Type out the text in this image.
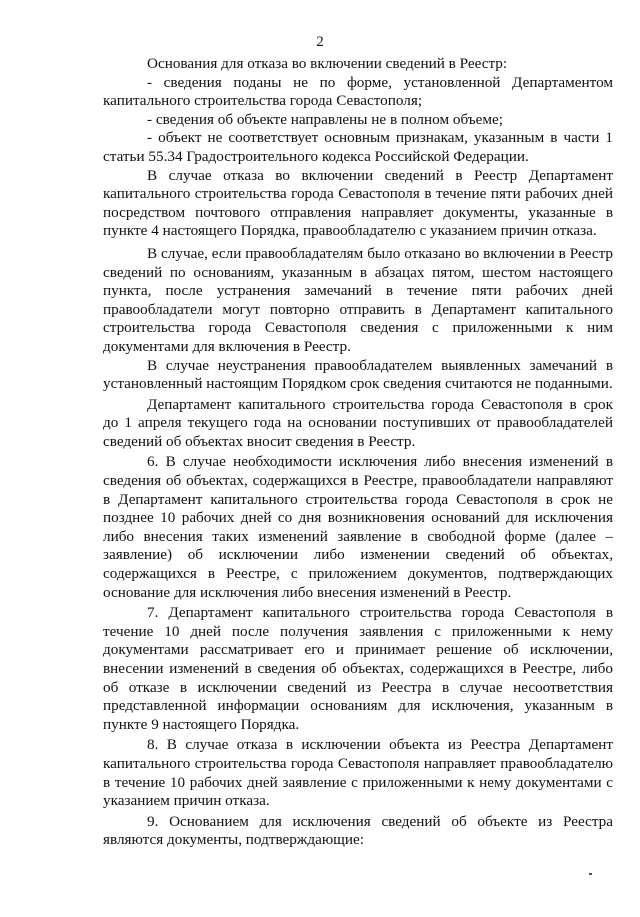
2

Основания для отказа во включении сведений в Реестр:

- сведения поданы не по форме, установленной Департаментом капитального строительства города Севастополя;

- сведения об объекте направлены не в полном объеме;

- объект не соответствует основным признакам, указанным в части 1 статьи 55.34 Градостроительного кодекса Российской Федерации.

В случае отказа во включении сведений в Реестр Департамент капитального строительства города Севастополя в течение пяти рабочих дней посредством почтового отправления направляет документы, указанные в пункте 4 настоящего Порядка, правообладателю с указанием причин отказа.

В случае, если правообладателям было отказано во включении в Реестр сведений по основаниям, указанным в абзацах пятом, шестом настоящего пункта, после устранения замечаний в течение пяти рабочих дней правообладатели могут повторно отправить в Департамент капитального строительства города Севастополя сведения с приложенными к ним документами для включения в Реестр.

В случае неустранения правообладателем выявленных замечаний в установленный настоящим Порядком срок сведения считаются не поданными.

Департамент капитального строительства города Севастополя в срок до 1 апреля текущего года на основании поступивших от правообладателей сведений об объектах вносит сведения в Реестр.

6. В случае необходимости исключения либо внесения изменений в сведения об объектах, содержащихся в Реестре, правообладатели направляют в Департамент капитального строительства города Севастополя в срок не позднее 10 рабочих дней со дня возникновения оснований для исключения либо внесения таких изменений заявление в свободной форме (далее – заявление) об исключении либо изменении сведений об объектах, содержащихся в Реестре, с приложением документов, подтверждающих основание для исключения либо внесения изменений в Реестр.

7. Департамент капитального строительства города Севастополя в течение 10 дней после получения заявления с приложенными к нему документами рассматривает его и принимает решение об исключении, внесении изменений в сведения об объектах, содержащихся в Реестре, либо об отказе в исключении сведений из Реестра в случае несоответствия представленной информации основаниям для исключения, указанным в пункте 9 настоящего Порядка.

8. В случае отказа в исключении объекта из Реестра Департамент капитального строительства города Севастополя направляет правообладателю в течение 10 рабочих дней заявление с приложенными к нему документами с указанием причин отказа.

9. Основанием для исключения сведений об объекте из Реестра являются документы, подтверждающие:
